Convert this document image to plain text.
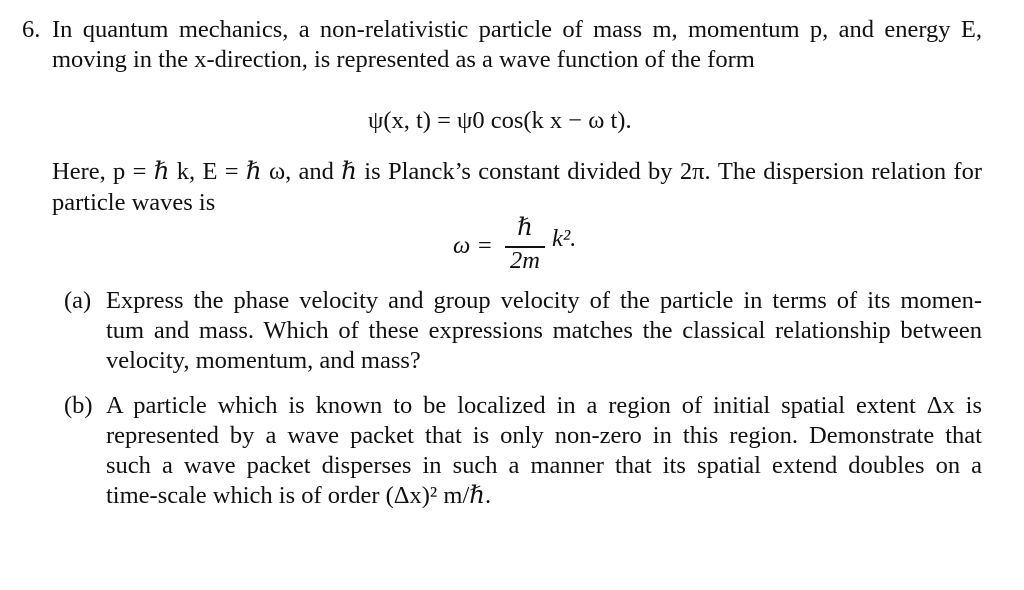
6. In quantum mechanics, a non-relativistic particle of mass m, momentum p, and energy E,
moving in the x-direction, is represented as a wave function of the form
ψ(x, t) = ψ0 cos(k x − ω t).
Here, p = ℏ k, E = ℏ ω, and ℏ is Planck’s constant divided by 2π. The dispersion relation for
particle waves is
ω =
ℏ
2m
k².
(a) Express the phase velocity and group velocity of the particle in terms of its momen-
tum and mass. Which of these expressions matches the classical relationship between
velocity, momentum, and mass?
(b) A particle which is known to be localized in a region of initial spatial extent Δx is
represented by a wave packet that is only non-zero in this region. Demonstrate that
such a wave packet disperses in such a manner that its spatial extend doubles on a
time-scale which is of order (Δx)² m/ℏ.
